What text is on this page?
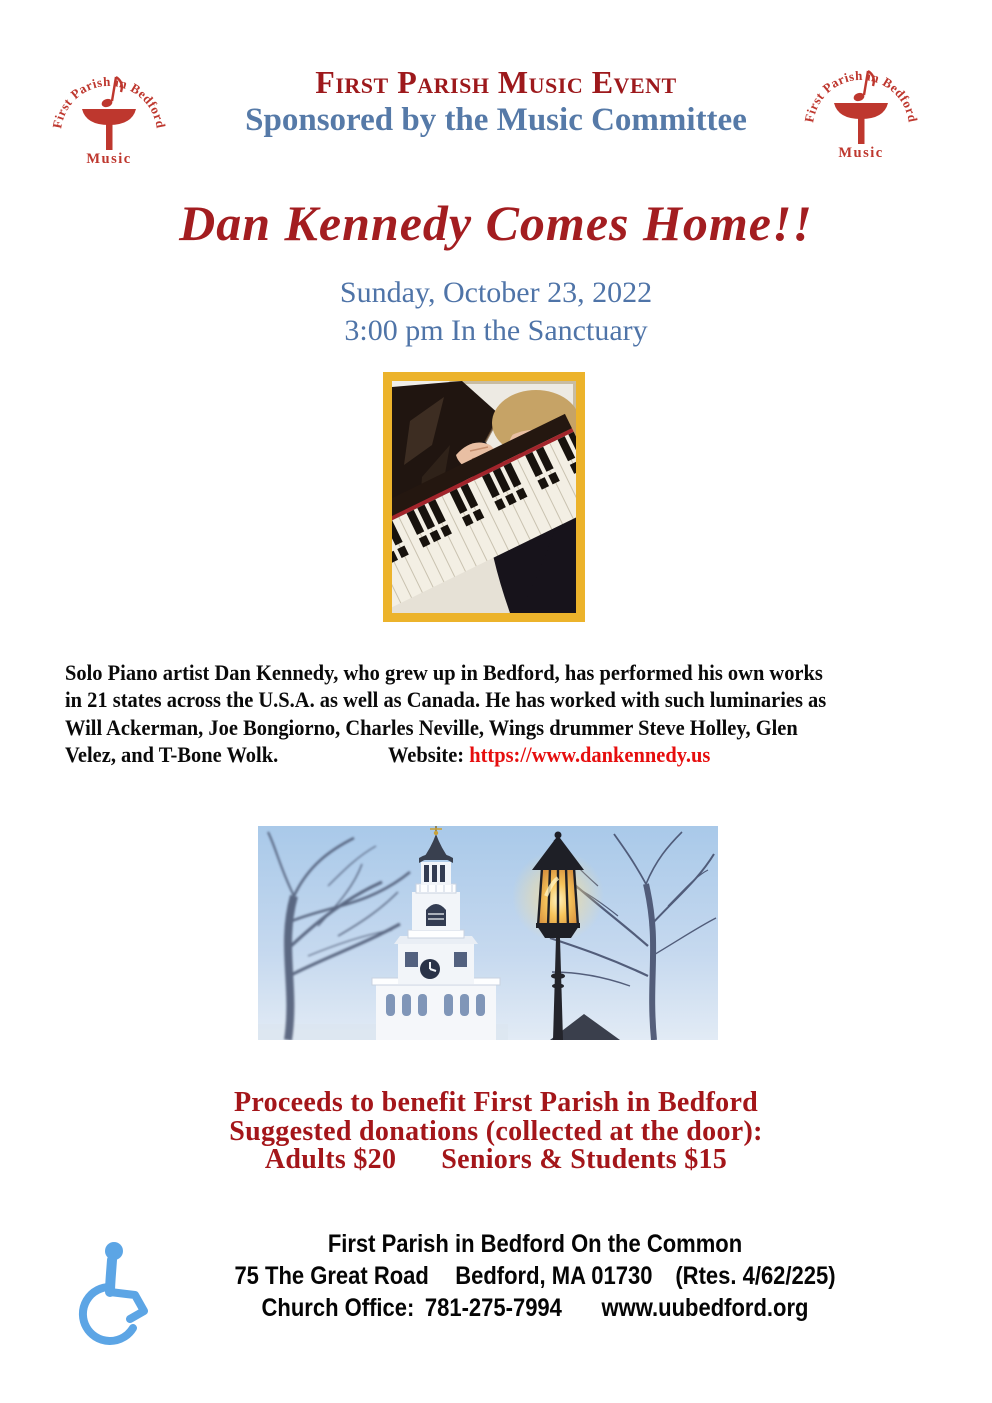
First Parish in Bedford
Music
First Parish in Bedford
Music
First Parish Music Event
Sponsored by the Music Committee
Dan Kennedy Comes Home!!
Sunday, October 23, 2022
3:00 pm In the Sanctuary
Solo Piano artist Dan Kennedy, who grew up in Bedford, has performed his own works
in 21 states across the U.S.A. as well as Canada. He has worked with such luminaries as
Will Ackerman, Joe Bongiorno, Charles Neville, Wings drummer Steve Holley, Glen
Velez, and T-Bone Wolk.	Website: https://www.dankennedy.us
Proceeds to benefit First Parish in Bedford
Suggested donations (collected at the door):
Adults $20 Seniors & Students $15
First Parish in Bedford On the Common
75 The Great Road Bedford, MA 01730 (Rtes. 4/62/225)
Church Office: 781-275-7994 www.uubedford.org
